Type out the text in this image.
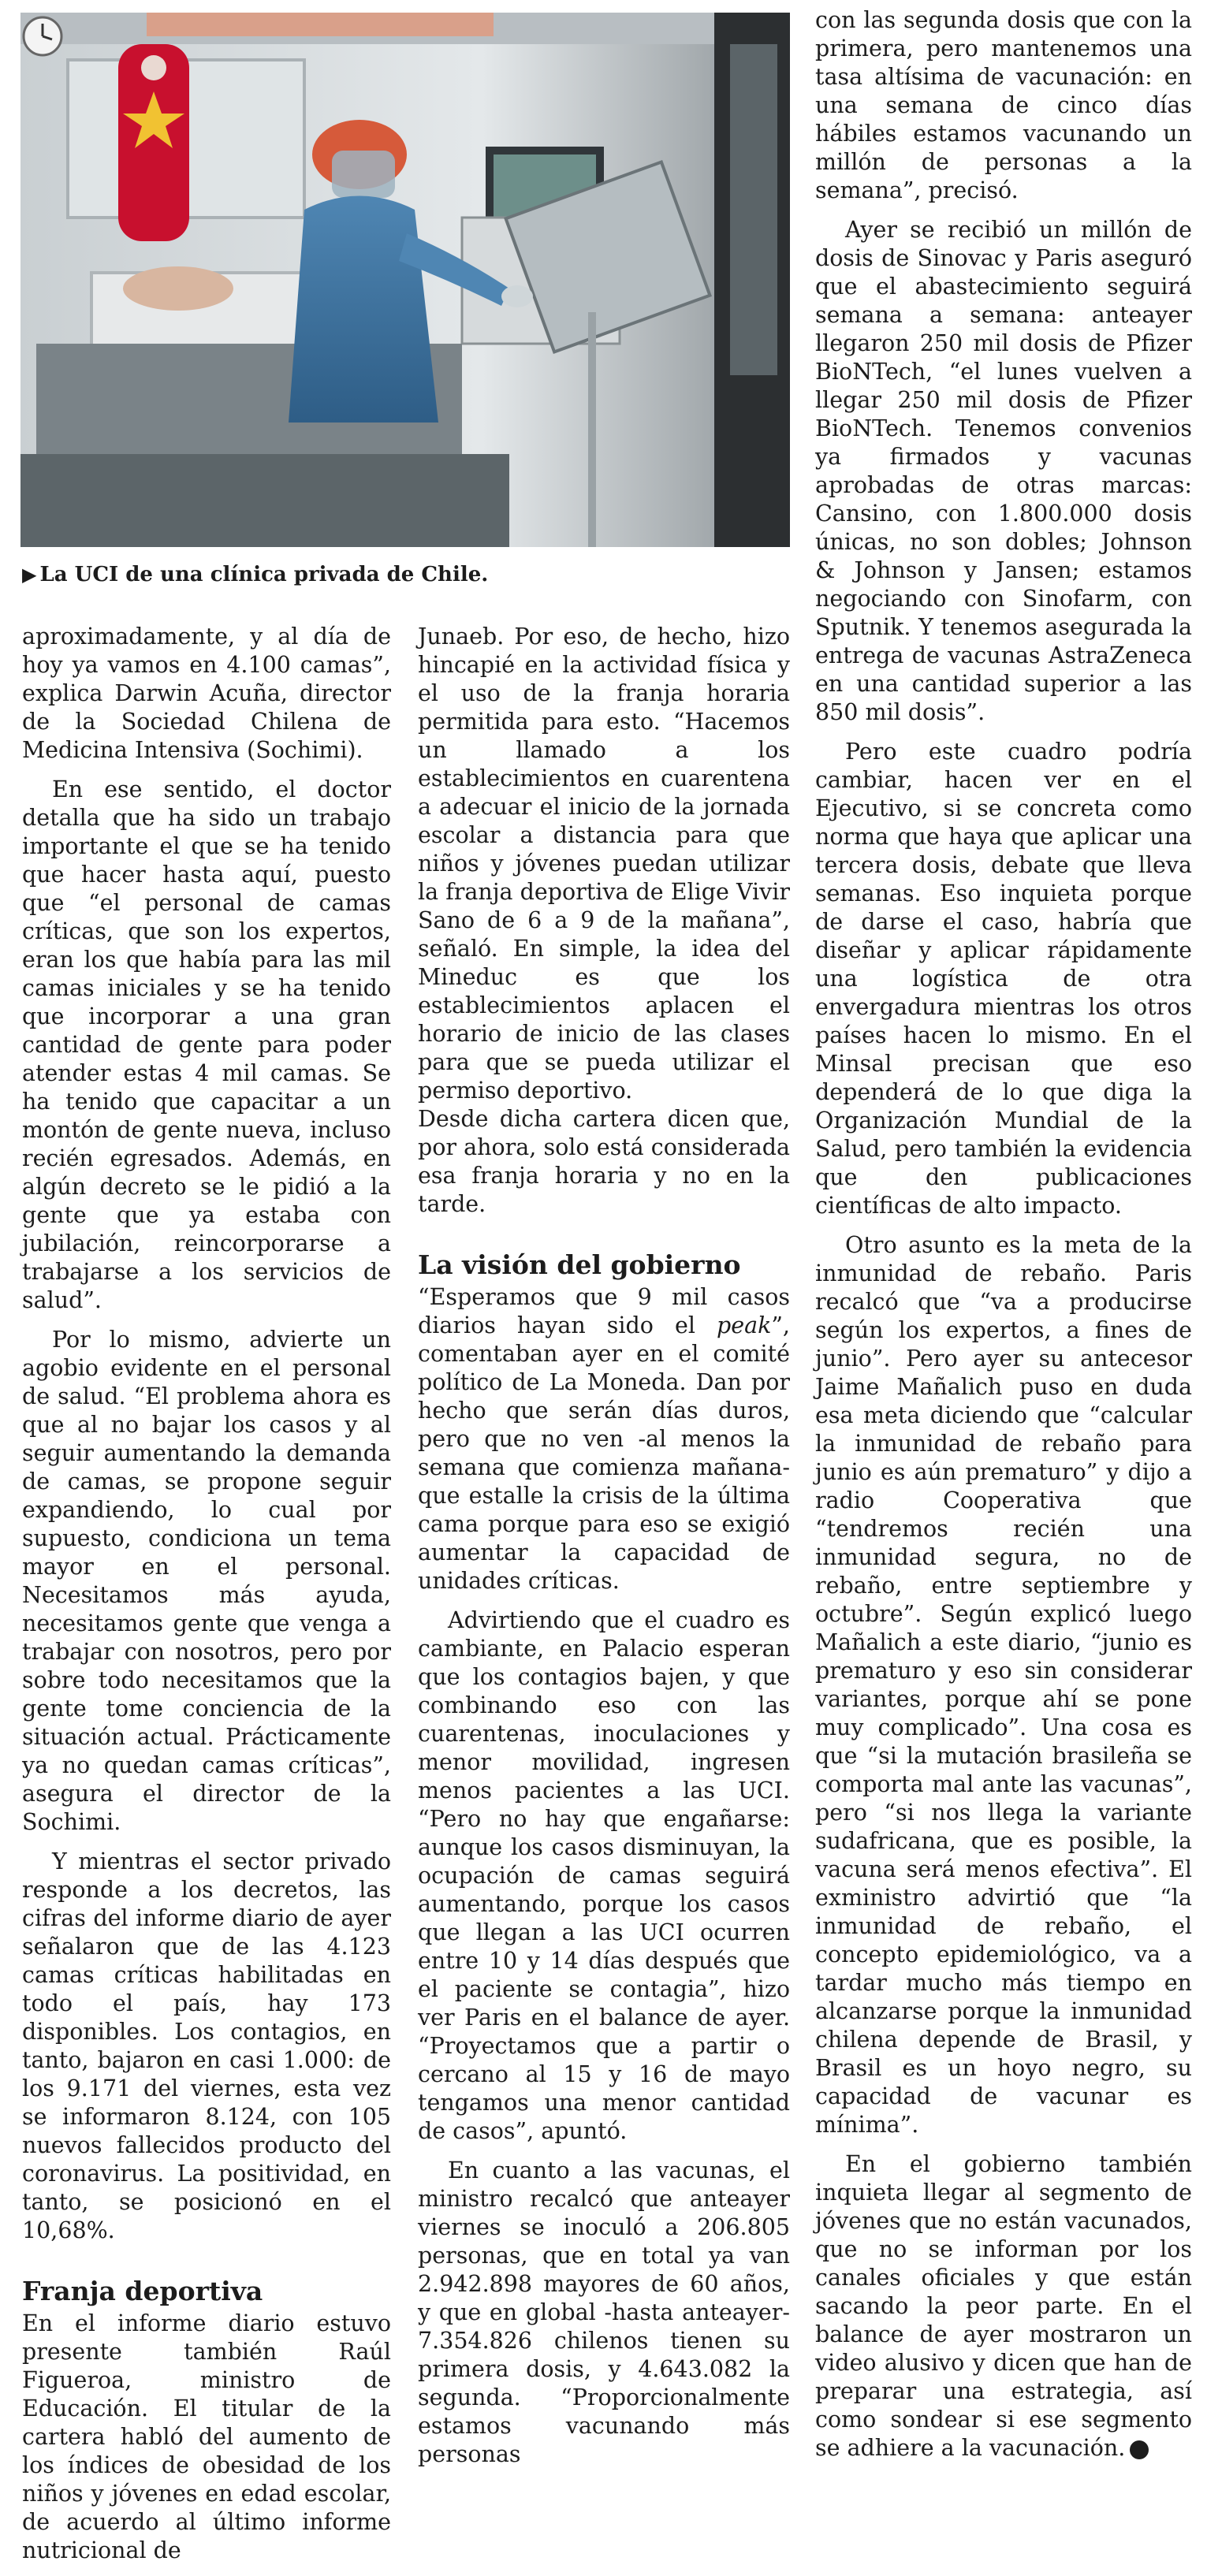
▶ La UCI de una clínica privada de Chile.

aproximadamente, y al día de hoy ya vamos en 4.100 camas”, explica Darwin Acuña, director de la Sociedad Chilena de Medicina Intensiva (Sochimi).

En ese sentido, el doctor detalla que ha sido un trabajo importante el que se ha tenido que hacer hasta aquí, puesto que “el personal de camas críticas, que son los expertos, eran los que había para las mil camas iniciales y se ha tenido que incorporar a una gran cantidad de gente para poder atender estas 4 mil camas. Se ha tenido que capacitar a un montón de gente nueva, incluso recién egresados. Además, en algún decreto se le pidió a la gente que ya estaba con jubilación, reincorporarse a trabajarse a los servicios de salud”.

Por lo mismo, advierte un agobio evidente en el personal de salud. “El problema ahora es que al no bajar los casos y al seguir aumentando la demanda de camas, se propone seguir expandiendo, lo cual por supuesto, condiciona un tema mayor en el personal. Necesitamos más ayuda, necesitamos gente que venga a trabajar con nosotros, pero por sobre todo necesitamos que la gente tome conciencia de la situación actual. Prácticamente ya no quedan camas críticas”, asegura el director de la Sochimi.

Y mientras el sector privado responde a los decretos, las cifras del informe diario de ayer señalaron que de las 4.123 camas críticas habilitadas en todo el país, hay 173 disponibles. Los contagios, en tanto, bajaron en casi 1.000: de los 9.171 del viernes, esta vez se informaron 8.124, con 105 nuevos fallecidos producto del coronavirus. La positividad, en tanto, se posicionó en el 10,68%.

Franja deportiva

En el informe diario estuvo presente también Raúl Figueroa, ministro de Educación. El titular de la cartera habló del aumento de los índices de obesidad de los niños y jóvenes en edad escolar, de acuerdo al último informe nutricional de

Junaeb. Por eso, de hecho, hizo hincapié en la actividad física y el uso de la franja horaria permitida para esto. “Hacemos un llamado a los establecimientos en cuarentena a adecuar el inicio de la jornada escolar a distancia para que niños y jóvenes puedan utilizar la franja deportiva de Elige Vivir Sano de 6 a 9 de la mañana”, señaló. En simple, la idea del Mineduc es que los establecimientos aplacen el horario de inicio de las clases para que se pueda utilizar el permiso deportivo.

Desde dicha cartera dicen que, por ahora, solo está considerada esa franja horaria y no en la tarde.

La visión del gobierno

“Esperamos que 9 mil casos diarios hayan sido el peak”, comentaban ayer en el comité político de La Moneda. Dan por hecho que serán días duros, pero que no ven -al menos la semana que comienza mañana- que estalle la crisis de la última cama porque para eso se exigió aumentar la capacidad de unidades críticas.

Advirtiendo que el cuadro es cambiante, en Palacio esperan que los contagios bajen, y que combinando eso con las cuarentenas, inoculaciones y menor movilidad, ingresen menos pacientes a las UCI. “Pero no hay que engañarse: aunque los casos disminuyan, la ocupación de camas seguirá aumentando, porque los casos que llegan a las UCI ocurren entre 10 y 14 días después que el paciente se contagia”, hizo ver Paris en el balance de ayer. “Proyectamos que a partir o cercano al 15 y 16 de mayo tengamos una menor cantidad de casos”, apuntó.

En cuanto a las vacunas, el ministro recalcó que anteayer viernes se inoculó a 206.805 personas, que en total ya van 2.942.898 mayores de 60 años, y que en global -hasta anteayer- 7.354.826 chilenos tienen su primera dosis, y 4.643.082 la segunda. “Proporcionalmente estamos vacunando más personas

con las segunda dosis que con la primera, pero mantenemos una tasa altísima de vacunación: en una semana de cinco días hábiles estamos vacunando un millón de personas a la semana”, precisó.

Ayer se recibió un millón de dosis de Sinovac y Paris aseguró que el abastecimiento seguirá semana a semana: anteayer llegaron 250 mil dosis de Pfizer BioNTech, “el lunes vuelven a llegar 250 mil dosis de Pfizer BioNTech. Tenemos convenios ya firmados y vacunas aprobadas de otras marcas: Cansino, con 1.800.000 dosis únicas, no son dobles; Johnson & Johnson y Jansen; estamos negociando con Sinofarm, con Sputnik. Y tenemos asegurada la entrega de vacunas AstraZeneca en una cantidad superior a las 850 mil dosis”.

Pero este cuadro podría cambiar, hacen ver en el Ejecutivo, si se concreta como norma que haya que aplicar una tercera dosis, debate que lleva semanas. Eso inquieta porque de darse el caso, habría que diseñar y aplicar rápidamente una logística de otra envergadura mientras los otros países hacen lo mismo. En el Minsal precisan que eso dependerá de lo que diga la Organización Mundial de la Salud, pero también la evidencia que den publicaciones científicas de alto impacto.

Otro asunto es la meta de la inmunidad de rebaño. Paris recalcó que “va a producirse según los expertos, a fines de junio”. Pero ayer su antecesor Jaime Mañalich puso en duda esa meta diciendo que “calcular la inmunidad de rebaño para junio es aún prematuro” y dijo a radio Cooperativa que “tendremos recién una inmunidad segura, no de rebaño, entre septiembre y octubre”. Según explicó luego Mañalich a este diario, “junio es prematuro y eso sin considerar variantes, porque ahí se pone muy complicado”. Una cosa es que “si la mutación brasileña se comporta mal ante las vacunas”, pero “si nos llega la variante sudafricana, que es posible, la vacuna será menos efectiva”. El exministro advirtió que “la inmunidad de rebaño, el concepto epidemiológico, va a tardar mucho más tiempo en alcanzarse porque la inmunidad chilena depende de Brasil, y Brasil es un hoyo negro, su capacidad de vacunar es mínima”.

En el gobierno también inquieta llegar al segmento de jóvenes que no están vacunados, que no se informan por los canales oficiales y que están sacando la peor parte. En el balance de ayer mostraron un video alusivo y dicen que han de preparar una estrategia, así como sondear si ese segmento se adhiere a la vacunación.	D
